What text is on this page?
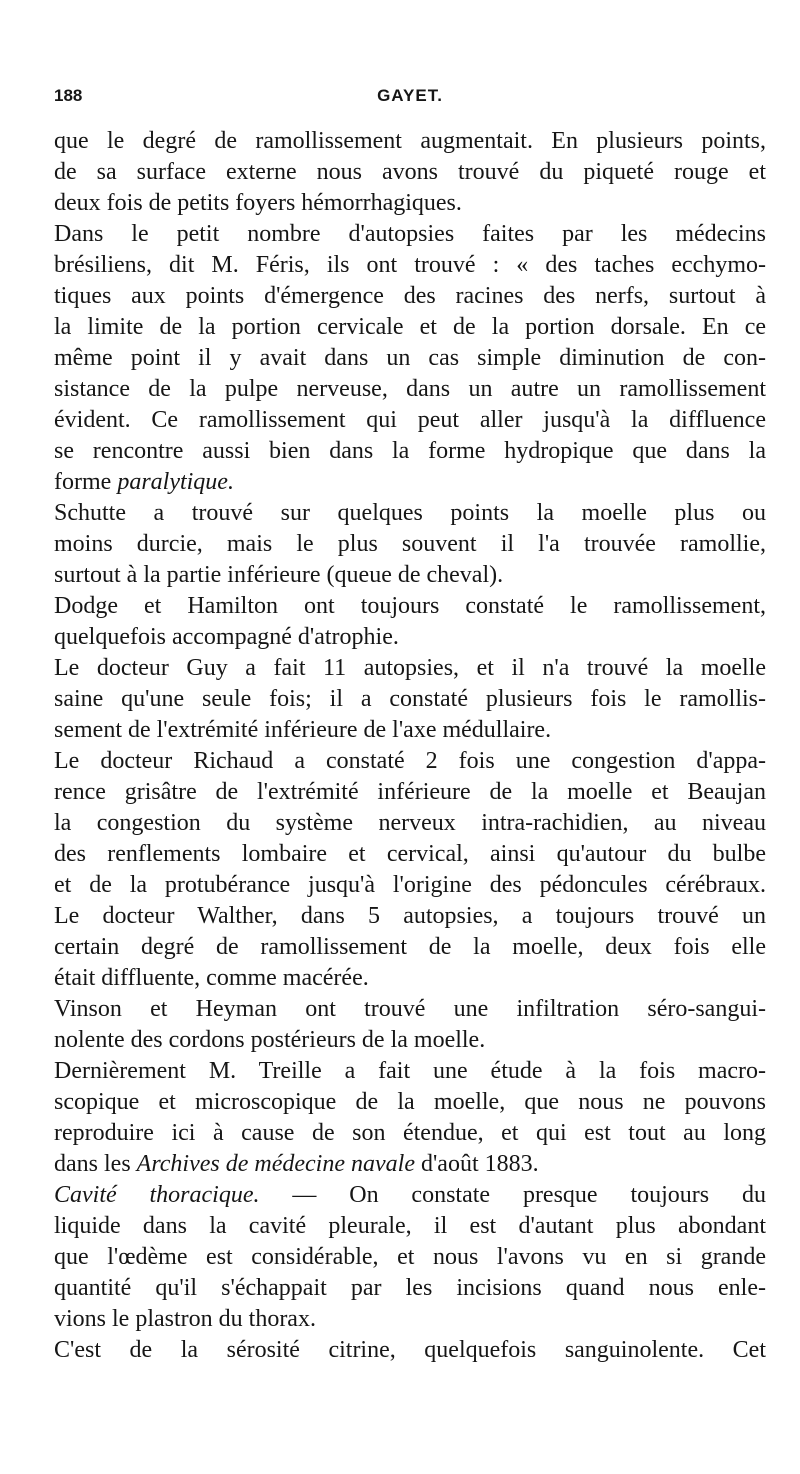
188	GAYET.
que le degré de ramollissement augmentait. En plusieurs points,
de sa surface externe nous avons trouvé du piqueté rouge et
deux fois de petits foyers hémorrhagiques.
Dans le petit nombre d'autopsies faites par les médecins
brésiliens, dit M. Féris, ils ont trouvé : « des taches ecchymo-
tiques aux points d'émergence des racines des nerfs, surtout à
la limite de la portion cervicale et de la portion dorsale. En ce
même point il y avait dans un cas simple diminution de con-
sistance de la pulpe nerveuse, dans un autre un ramollissement
évident. Ce ramollissement qui peut aller jusqu'à la diffluence
se rencontre aussi bien dans la forme hydropique que dans la
forme paralytique.
Schutte a trouvé sur quelques points la moelle plus ou
moins durcie, mais le plus souvent il l'a trouvée ramollie,
surtout à la partie inférieure (queue de cheval).
Dodge et Hamilton ont toujours constaté le ramollissement,
quelquefois accompagné d'atrophie.
Le docteur Guy a fait 11 autopsies, et il n'a trouvé la moelle
saine qu'une seule fois; il a constaté plusieurs fois le ramollis-
sement de l'extrémité inférieure de l'axe médullaire.
Le docteur Richaud a constaté 2 fois une congestion d'appa-
rence grisâtre de l'extrémité inférieure de la moelle et Beaujan
la congestion du système nerveux intra-rachidien, au niveau
des renflements lombaire et cervical, ainsi qu'autour du bulbe
et de la protubérance jusqu'à l'origine des pédoncules cérébraux.
Le docteur Walther, dans 5 autopsies, a toujours trouvé un
certain degré de ramollissement de la moelle, deux fois elle
était diffluente, comme macérée.
Vinson et Heyman ont trouvé une infiltration séro-sangui-
nolente des cordons postérieurs de la moelle.
Dernièrement M. Treille a fait une étude à la fois macro-
scopique et microscopique de la moelle, que nous ne pouvons
reproduire ici à cause de son étendue, et qui est tout au long
dans les Archives de médecine navale d'août 1883.
Cavité thoracique. — On constate presque toujours du
liquide dans la cavité pleurale, il est d'autant plus abondant
que l'œdème est considérable, et nous l'avons vu en si grande
quantité qu'il s'échappait par les incisions quand nous enle-
vions le plastron du thorax.
C'est de la sérosité citrine, quelquefois sanguinolente. Cet
